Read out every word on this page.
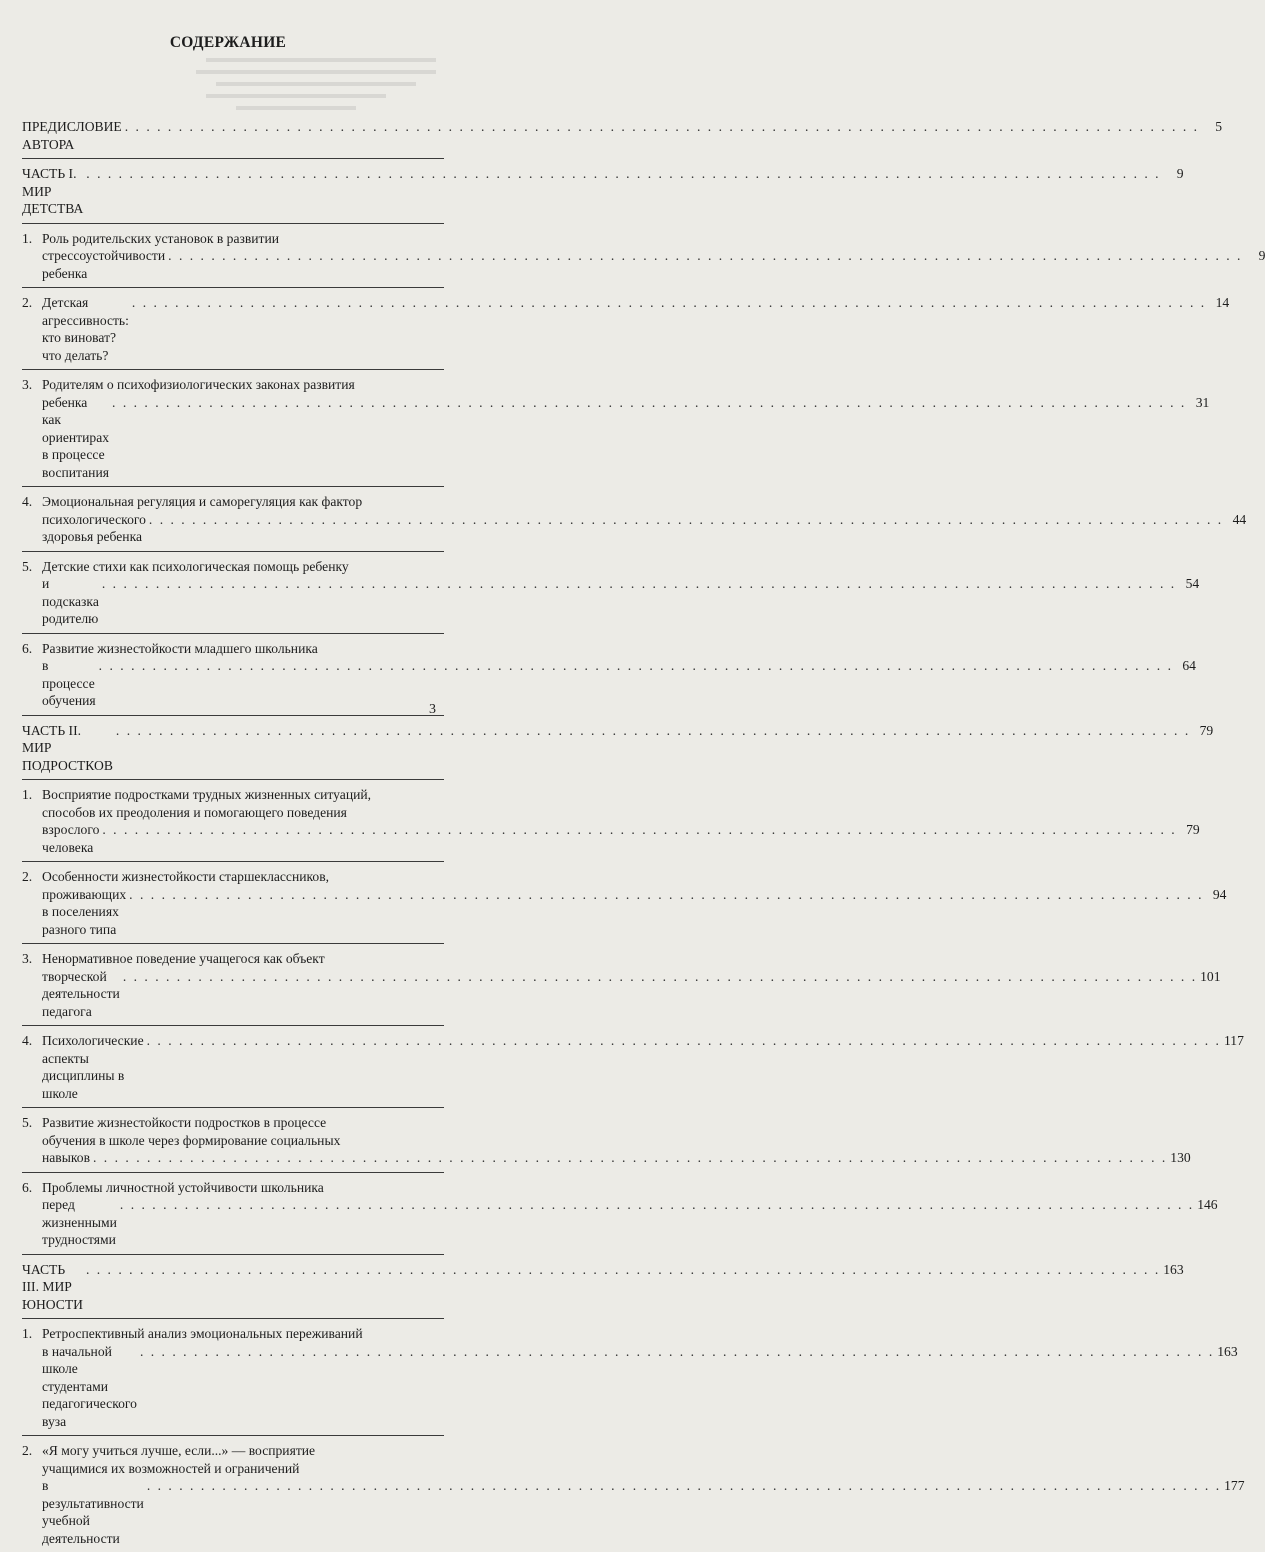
СОДЕРЖАНИЕ
ПРЕДИСЛОВИЕ АВТОРА
. . .
5
ЧАСТЬ I. МИР ДЕТСТВА
. . .
9
1. Роль родительских установок в развитии
стрессоустойчивости ребенка
. . .
9
2. Детская агрессивность: кто виноват? что делать?
. . .
14
3. Родителям о психофизиологических законах развития
ребенка как ориентирах в процессе воспитания
. . .
31
4. Эмоциональная регуляция и саморегуляция как фактор
психологического здоровья ребенка
. . .
44
5. Детские стихи как психологическая помощь ребенку
и подсказка родителю
. . .
54
6. Развитие жизнестойкости младшего школьника
в процессе обучения
. . .
64
ЧАСТЬ II. МИР ПОДРОСТКОВ
. . .
79
1. Восприятие подростками трудных жизненных ситуаций,
способов их преодоления и помогающего поведения
взрослого человека
. . .
79
2. Особенности жизнестойкости старшеклассников,
проживающих в поселениях разного типа
. . .
94
3. Ненормативное поведение учащегося как объект
творческой деятельности педагога
. . .
101
4. Психологические аспекты дисциплины в школе
. . .
117
5. Развитие жизнестойкости подростков в процессе
обучения в школе через формирование социальных
навыков
. . .	130
6. Проблемы личностной устойчивости школьника
перед жизненными трудностями
. . .
146
ЧАСТЬ III. МИР ЮНОСТИ
. . .
163
1. Ретроспективный анализ эмоциональных переживаний
в начальной школе студентами педагогического вуза
. . .
163
2. «Я могу учиться лучше, если...» — восприятие
учащимися их возможностей и ограничений
в результативности учебной деятельности
. . .
177
3
